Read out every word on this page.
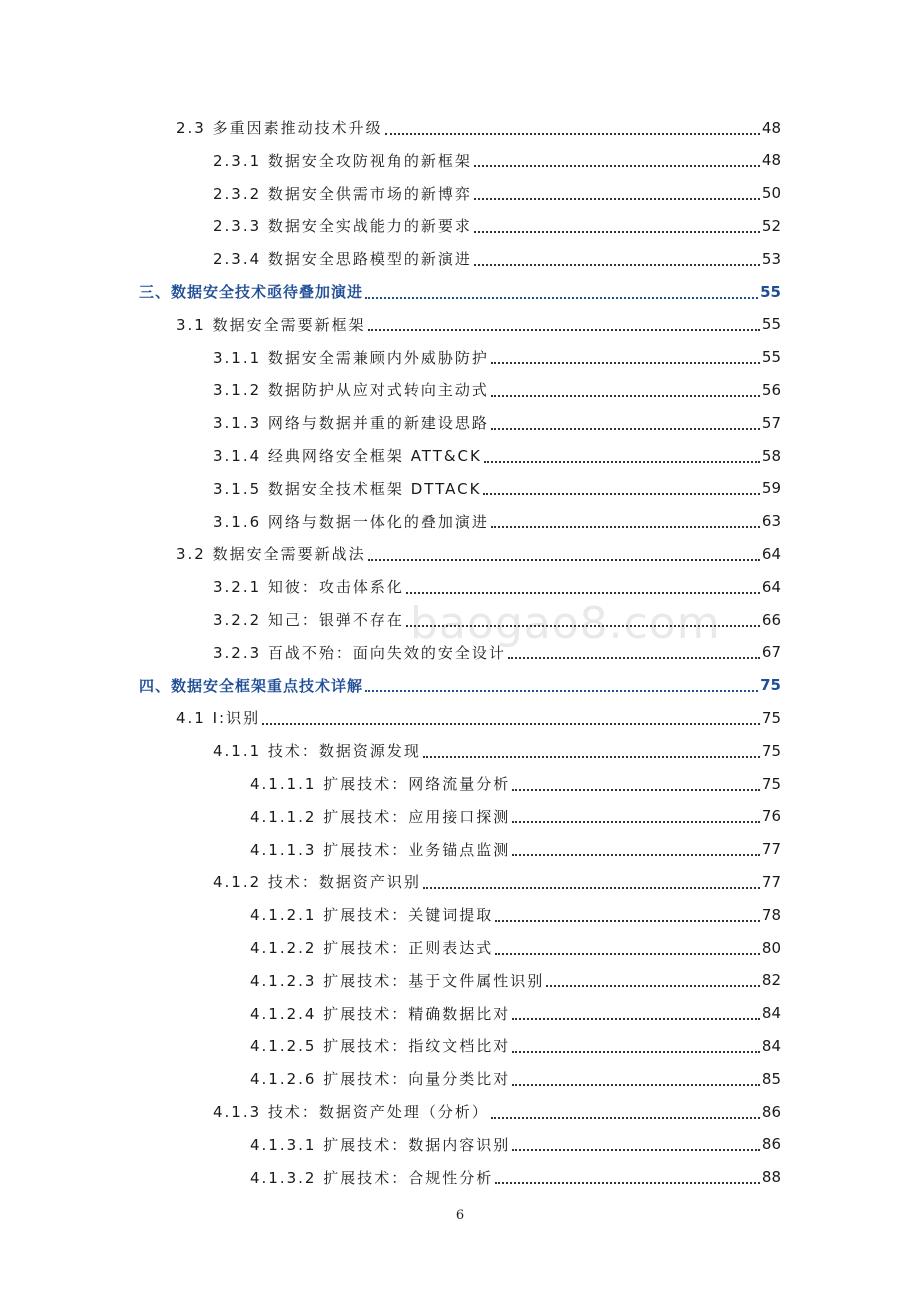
baogao8.com
2.3 多重因素推动技术升级	48
2.3.1 数据安全攻防视角的新框架	48
2.3.2 数据安全供需市场的新博弈	50
2.3.3 数据安全实战能力的新要求	52
2.3.4 数据安全思路模型的新演进	53
三、数据安全技术亟待叠加演进	55
3.1 数据安全需要新框架	55
3.1.1 数据安全需兼顾内外威胁防护	55
3.1.2 数据防护从应对式转向主动式	56
3.1.3 网络与数据并重的新建设思路	57
3.1.4 经典网络安全框架 ATT&CK	58
3.1.5 数据安全技术框架 DTTACK	59
3.1.6 网络与数据一体化的叠加演进	63
3.2 数据安全需要新战法	64
3.2.1 知彼：攻击体系化	64
3.2.2 知己：银弹不存在	66
3.2.3 百战不殆：面向失效的安全设计	67
四、数据安全框架重点技术详解	75
4.1 I:识别	75
4.1.1 技术：数据资源发现	75
4.1.1.1 扩展技术：网络流量分析	75
4.1.1.2 扩展技术：应用接口探测	76
4.1.1.3 扩展技术：业务锚点监测	77
4.1.2 技术：数据资产识别	77
4.1.2.1 扩展技术：关键词提取	78
4.1.2.2 扩展技术：正则表达式	80
4.1.2.3 扩展技术：基于文件属性识别	82
4.1.2.4 扩展技术：精确数据比对	84
4.1.2.5 扩展技术：指纹文档比对	84
4.1.2.6 扩展技术：向量分类比对	85
4.1.3 技术：数据资产处理（分析）	86
4.1.3.1 扩展技术：数据内容识别	86
4.1.3.2 扩展技术：合规性分析	88
6
